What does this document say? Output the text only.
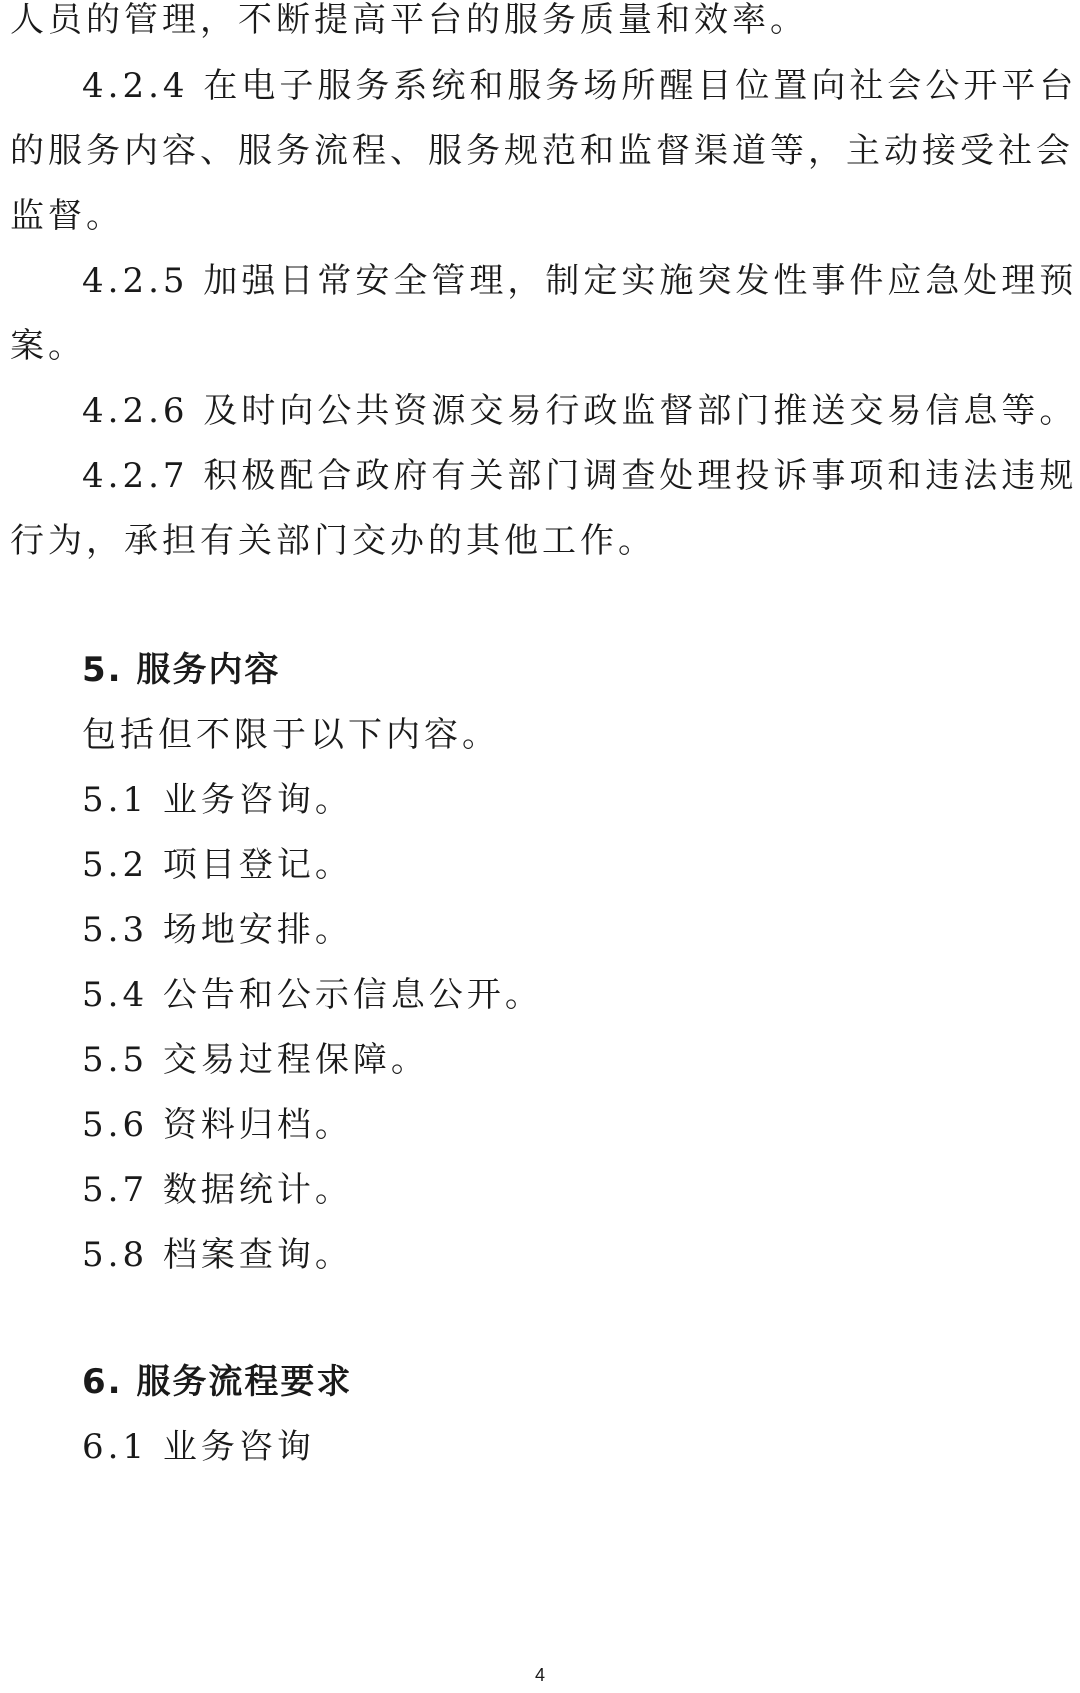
人员的管理，不断提高平台的服务质量和效率。

4.2.4 在电子服务系统和服务场所醒目位置向社会公开平台

的服务内容、服务流程、服务规范和监督渠道等，主动接受社会

监督。

4.2.5 加强日常安全管理，制定实施突发性事件应急处理预

案。

4.2.6 及时向公共资源交易行政监督部门推送交易信息等。

4.2.7 积极配合政府有关部门调查处理投诉事项和违法违规

行为，承担有关部门交办的其他工作。

5. 服务内容

包括但不限于以下内容。

5.1 业务咨询。

5.2 项目登记。

5.3 场地安排。

5.4 公告和公示信息公开。

5.5 交易过程保障。

5.6 资料归档。

5.7 数据统计。

5.8 档案查询。

6. 服务流程要求

6.1 业务咨询

4
